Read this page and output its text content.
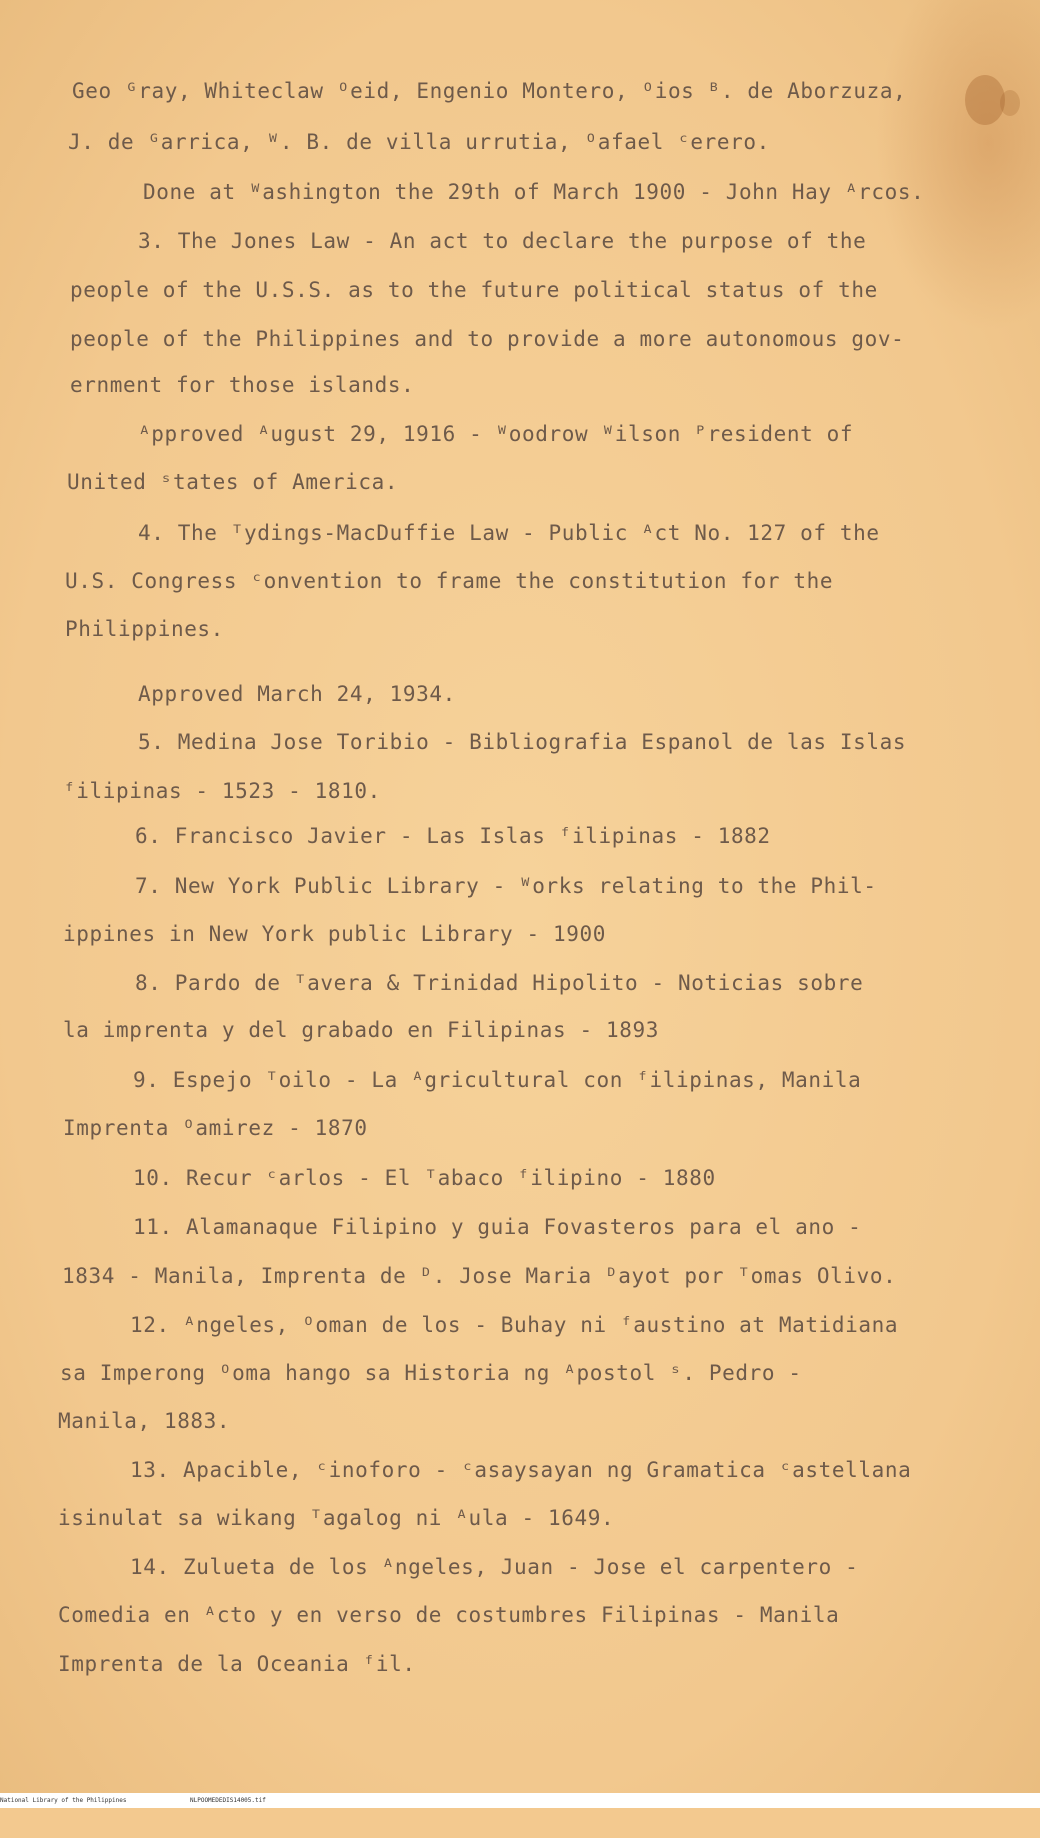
Geo ᴳray, Whiteclaw ᴼeid, Engenio Montero, ᴼios ᴮ. de Aborzuza,

J. de ᴳarrica, ᵂ. B. de villa urrutia, ᴼafael ᶜerero.

Done at ᵂashington the 29th of March 1900 - John Hay ᴬrcos.

3. The Jones Law - An act to declare the purpose of the

people of the U.S.S. as to the future political status of the

people of the Philippines and to provide a more autonomous gov-

ernment for those islands.

ᴬpproved ᴬugust 29, 1916 - ᵂoodrow ᵂilson ᴾresident of

United ˢtates of America.

4. The ᵀydings-MacDuffie Law - Public ᴬct No. 127 of the

U.S. Congress ᶜonvention to frame the constitution for the

Philippines.

Approved March 24, 1934.

5. Medina Jose Toribio - Bibliografia Espanol de las Islas

ᶠilipinas - 1523 - 1810.

6. Francisco Javier - Las Islas ᶠilipinas - 1882

7. New York Public Library - ᵂorks relating to the Phil-

ippines in New York public Library - 1900

8. Pardo de ᵀavera & Trinidad Hipolito - Noticias sobre

la imprenta y del grabado en Filipinas - 1893

9. Espejo ᵀoilo - La ᴬgricultural con ᶠilipinas, Manila

Imprenta ᴼamirez - 1870

10. Recur ᶜarlos - El ᵀabaco ᶠilipino - 1880

11. Alamanaque Filipino y guia Fovasteros para el ano -

1834 - Manila, Imprenta de ᴰ. Jose Maria ᴰayot por ᵀomas Olivo.

12. ᴬngeles, ᴼoman de los - Buhay ni ᶠaustino at Matidiana

sa Imperong ᴼoma hango sa Historia ng ᴬpostol ˢ. Pedro -

Manila, 1883.

13. Apacible, ᶜinoforo - ᶜasaysayan ng Gramatica ᶜastellana

isinulat sa wikang ᵀagalog ni ᴬula - 1649.

14. Zulueta de los ᴬngeles, Juan - Jose el carpentero -

Comedia en ᴬcto y en verso de costumbres Filipinas - Manila

Imprenta de la Oceania ᶠil.

National Library of the Philippines

	NLPOOMEDEDIS14005.tif
